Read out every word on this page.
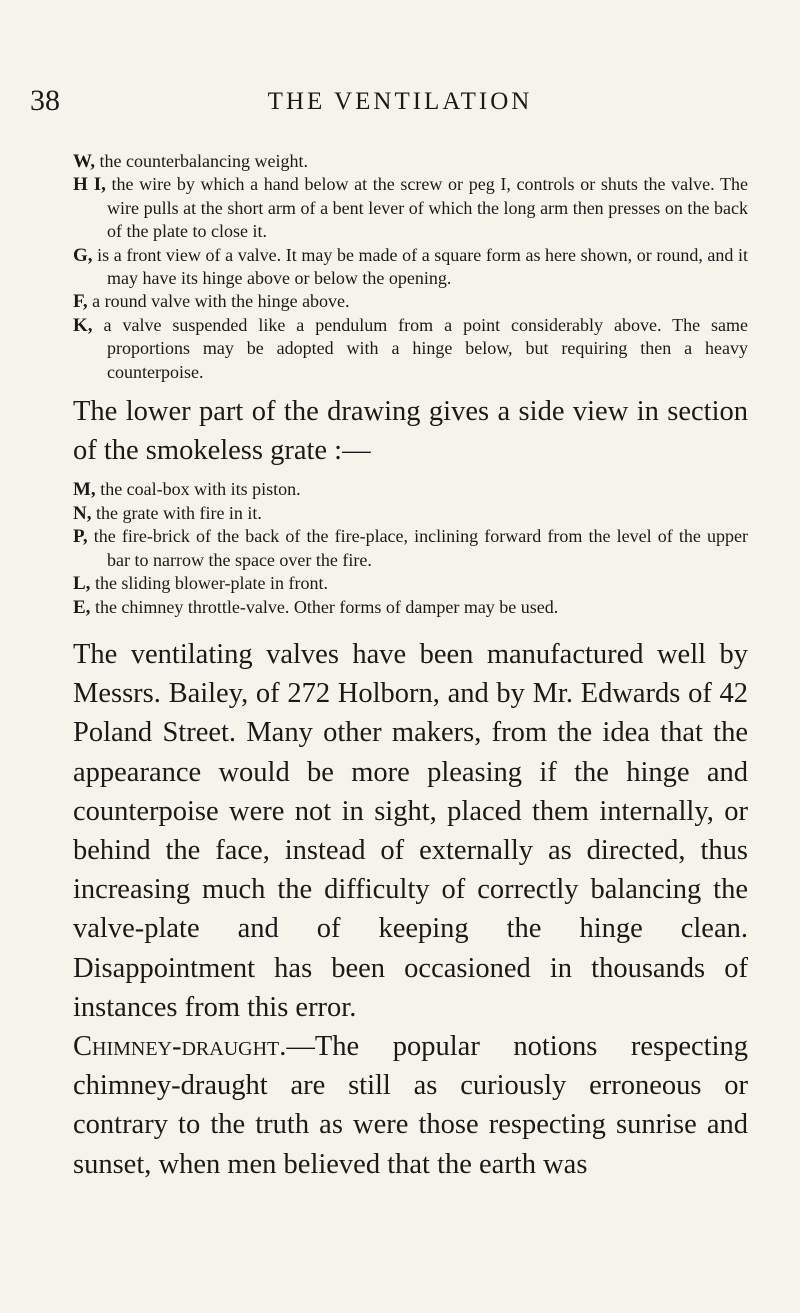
38	THE VENTILATION
W, the counterbalancing weight.
H I, the wire by which a hand below at the screw or peg I, controls or shuts the valve. The wire pulls at the short arm of a bent lever of which the long arm then presses on the back of the plate to close it.
G, is a front view of a valve. It may be made of a square form as here shown, or round, and it may have its hinge above or below the opening.
F, a round valve with the hinge above.
K, a valve suspended like a pendulum from a point considerably above. The same proportions may be adopted with a hinge below, but requiring then a heavy counterpoise.

The lower part of the drawing gives a side view in section of the smokeless grate :—

M, the coal-box with its piston.
N, the grate with fire in it.
P, the fire-brick of the back of the fire-place, inclining forward from the level of the upper bar to narrow the space over the fire.
L, the sliding blower-plate in front.
E, the chimney throttle-valve. Other forms of damper may be used.

The ventilating valves have been manufactured well by Messrs. Bailey, of 272 Holborn, and by Mr. Edwards of 42 Poland Street. Many other makers, from the idea that the appearance would be more pleasing if the hinge and counterpoise were not in sight, placed them internally, or behind the face, instead of externally as directed, thus increasing much the difficulty of correctly balancing the valve-plate and of keeping the hinge clean. Disappointment has been occasioned in thousands of instances from this error.

Chimney-draught.—The popular notions respecting chimney-draught are still as curiously erroneous or contrary to the truth as were those respecting sunrise and sunset, when men believed that the earth was
